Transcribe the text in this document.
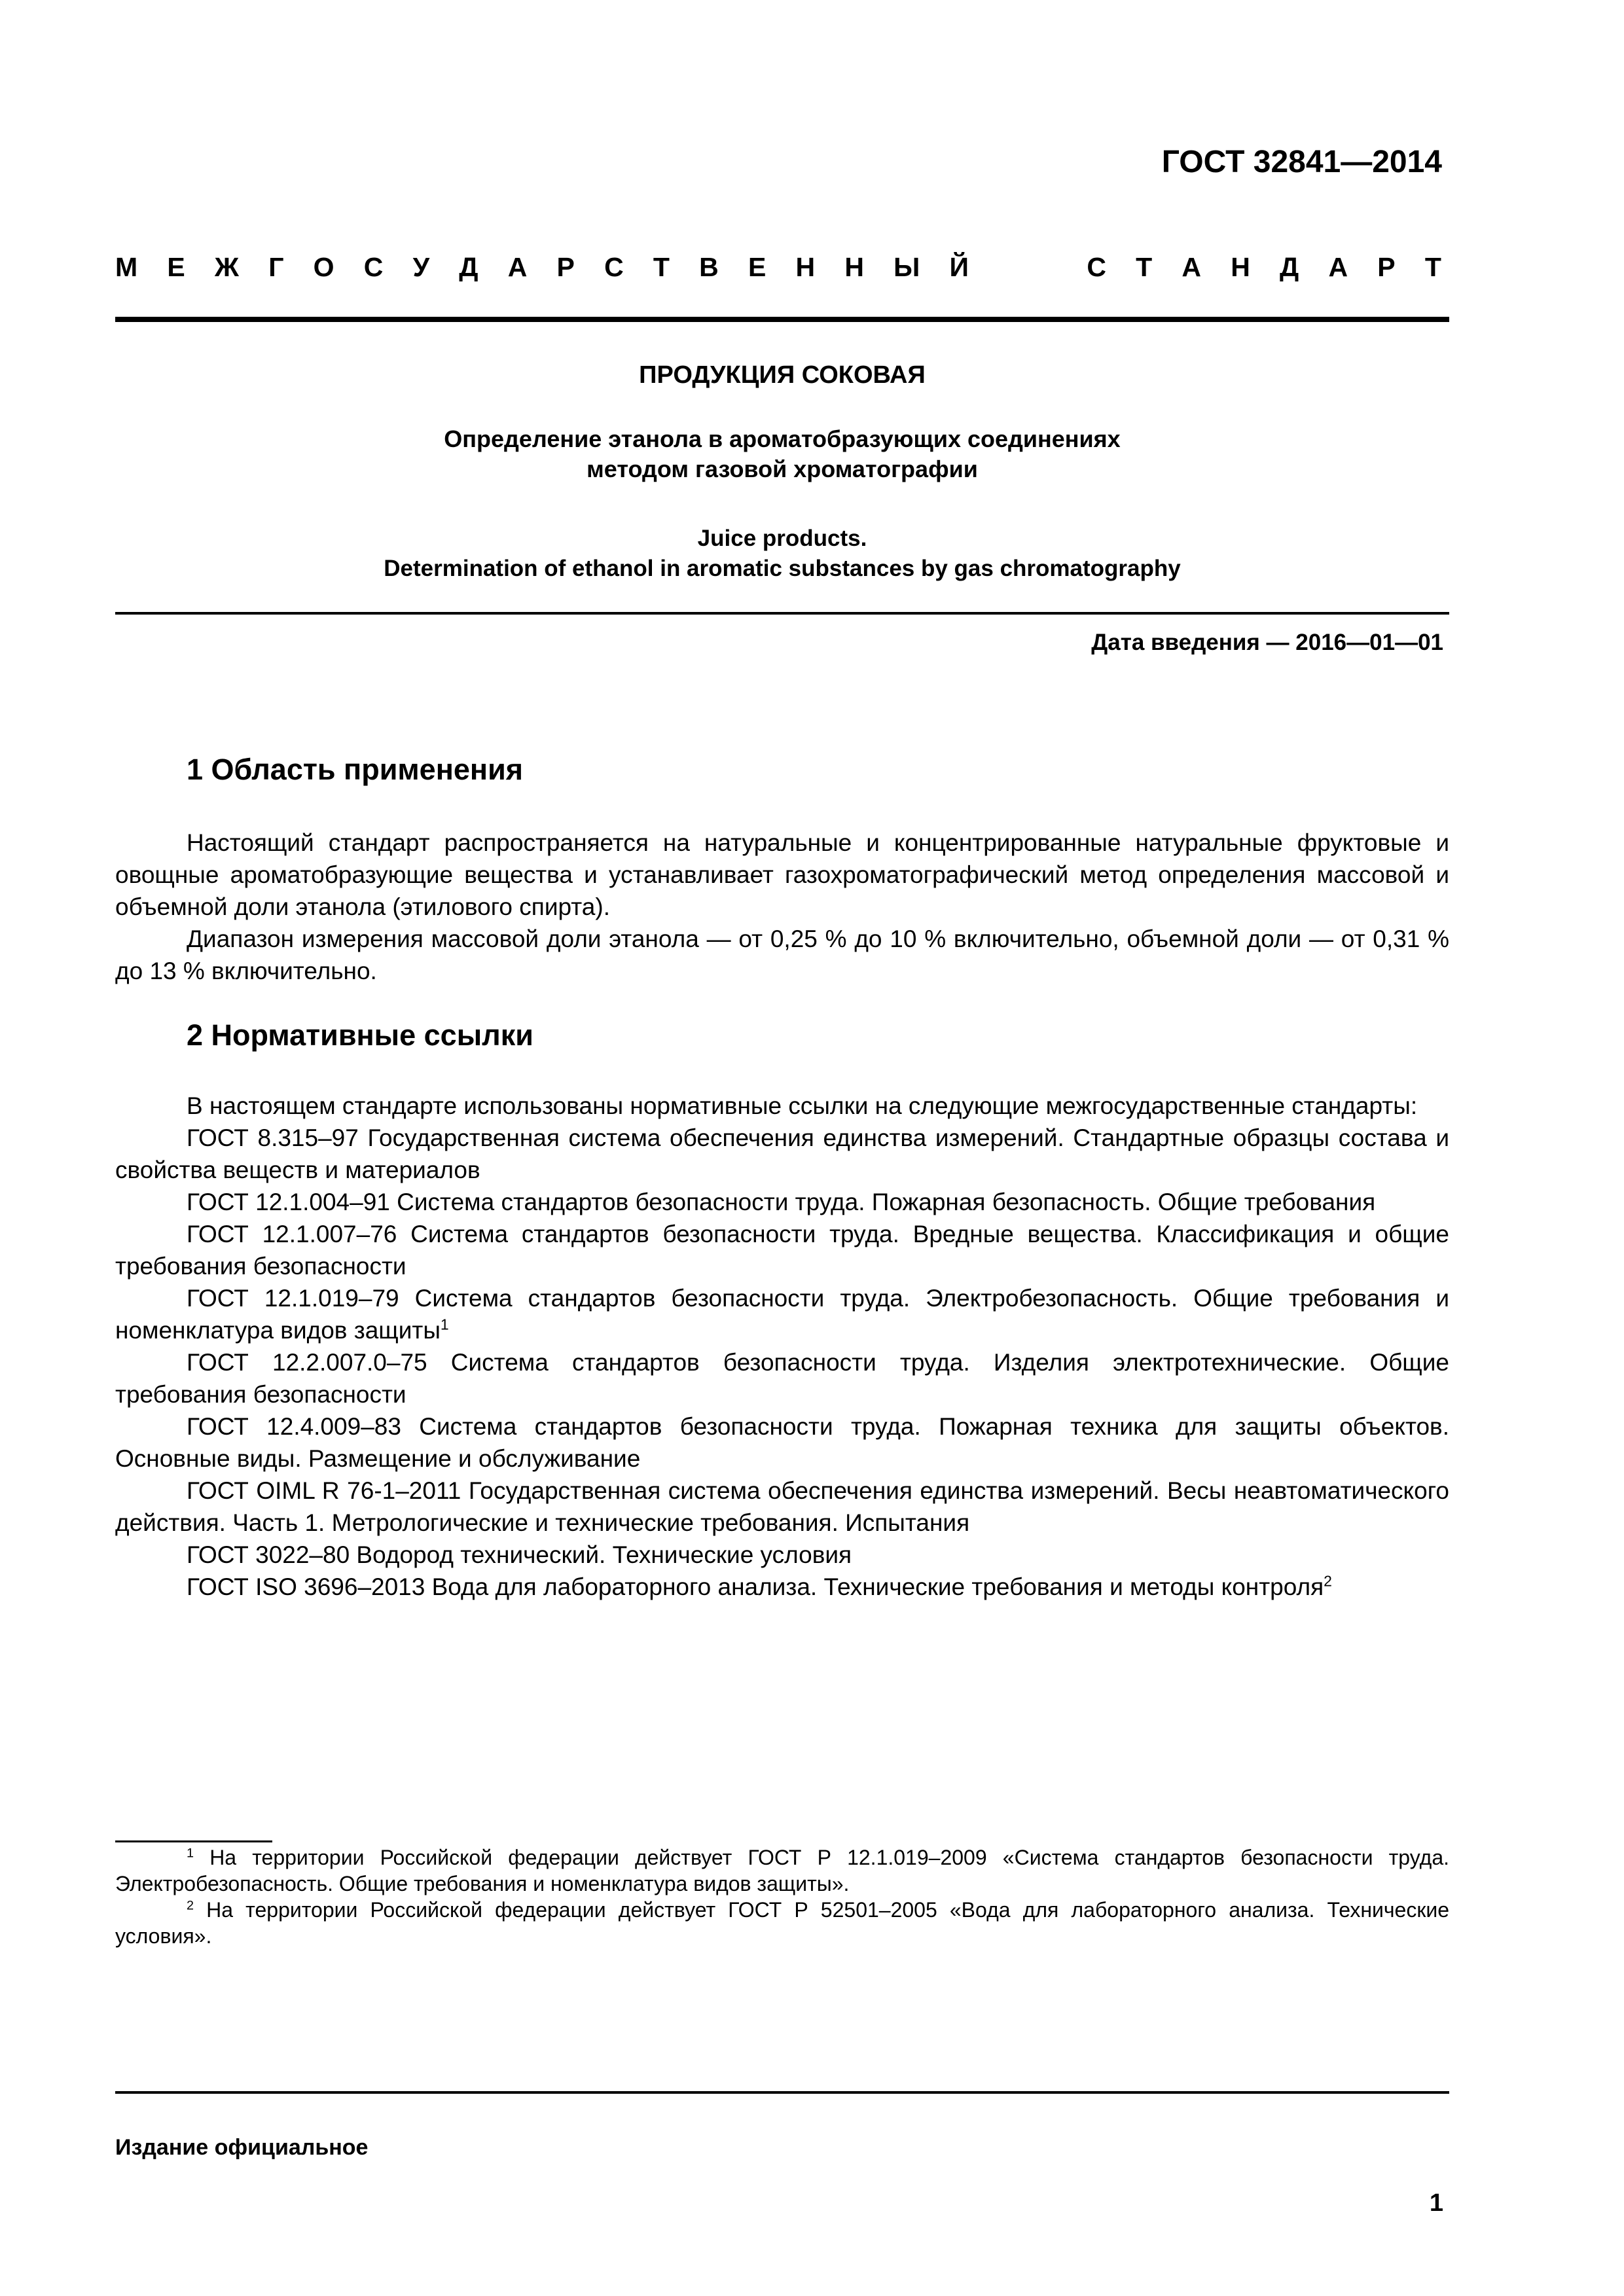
ГОСТ 32841—2014
М Е Ж Г О С У Д А Р С Т В Е Н Н Ы Й	С Т А Н Д А Р Т
ПРОДУКЦИЯ СОКОВАЯ
Определение этанола в ароматобразующих соединениях
методом газовой хроматографии
Juice products.
Determination of ethanol in aromatic substances by gas chromatography
Дата введения — 2016—01—01
1 Область применения

Настоящий стандарт распространяется на натуральные и концентрированные натуральные фруктовые и овощные ароматобразующие вещества и устанавливает газохроматографический метод определения массовой и объемной доли этанола (этилового спирта).

Диапазон измерения массовой доли этанола — от 0,25 % до 10 % включительно, объемной доли — от 0,31 % до 13 % включительно.

2 Нормативные ссылки

В настоящем стандарте использованы нормативные ссылки на следующие межгосударственные стандарты:

ГОСТ 8.315–97 Государственная система обеспечения единства измерений. Стандартные образцы состава и свойства веществ и материалов

ГОСТ 12.1.004–91 Система стандартов безопасности труда. Пожарная безопасность. Общие требования

ГОСТ 12.1.007–76 Система стандартов безопасности труда. Вредные вещества. Классификация и общие требования безопасности

ГОСТ 12.1.019–79 Система стандартов безопасности труда. Электробезопасность. Общие требования и номенклатура видов защиты$^1$

ГОСТ 12.2.007.0–75 Система стандартов безопасности труда. Изделия электротехнические. Общие требования безопасности

ГОСТ 12.4.009–83 Система стандартов безопасности труда. Пожарная техника для защиты объектов. Основные виды. Размещение и обслуживание

ГОСТ OIML R 76-1–2011 Государственная система обеспечения единства измерений. Весы неавтоматического действия. Часть 1. Метрологические и технические требования. Испытания

ГОСТ 3022–80 Водород технический. Технические условия

ГОСТ ISO 3696–2013 Вода для лабораторного анализа. Технические требования и методы контроля$^2$

$^1$ На территории Российской федерации действует ГОСТ Р 12.1.019–2009 «Система стандартов безопасности труда. Электробезопасность. Общие требования и номенклатура видов защиты».

$^2$ На территории Российской федерации действует ГОСТ Р 52501–2005 «Вода для лабораторного анализа. Технические условия».

Издание официальное
1
